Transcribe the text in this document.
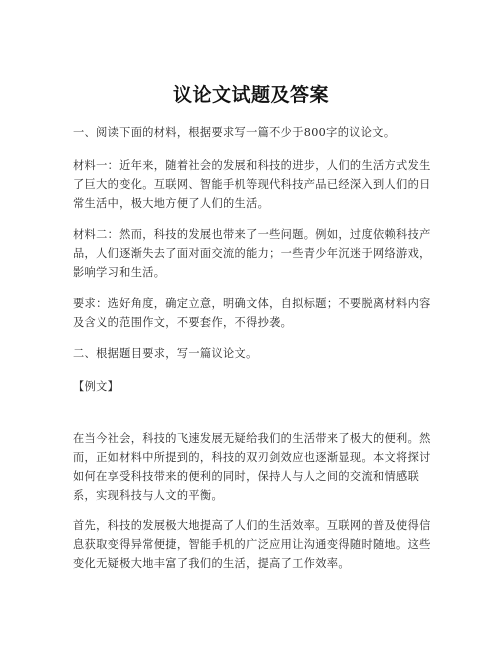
议论文试题及答案

一、阅读下面的材料，根据要求写一篇不少于800字的议论文。

材料一：近年来，随着社会的发展和科技的进步，人们的生活方式发生了巨大的变化。互联网、智能手机等现代科技产品已经深入到人们的日常生活中，极大地方便了人们的生活。

材料二：然而，科技的发展也带来了一些问题。例如，过度依赖科技产品，人们逐渐失去了面对面交流的能力；一些青少年沉迷于网络游戏，影响学习和生活。

要求：选好角度，确定立意，明确文体，自拟标题；不要脱离材料内容及含义的范围作文，不要套作，不得抄袭。

二、根据题目要求，写一篇议论文。

【例文】

在当今社会，科技的飞速发展无疑给我们的生活带来了极大的便利。然而，正如材料中所提到的，科技的双刃剑效应也逐渐显现。本文将探讨如何在享受科技带来的便利的同时，保持人与人之间的交流和情感联系，实现科技与人文的平衡。

首先，科技的发展极大地提高了人们的生活效率。互联网的普及使得信息获取变得异常便捷，智能手机的广泛应用让沟通变得随时随地。这些变化无疑极大地丰富了我们的生活，提高了工作效率。
